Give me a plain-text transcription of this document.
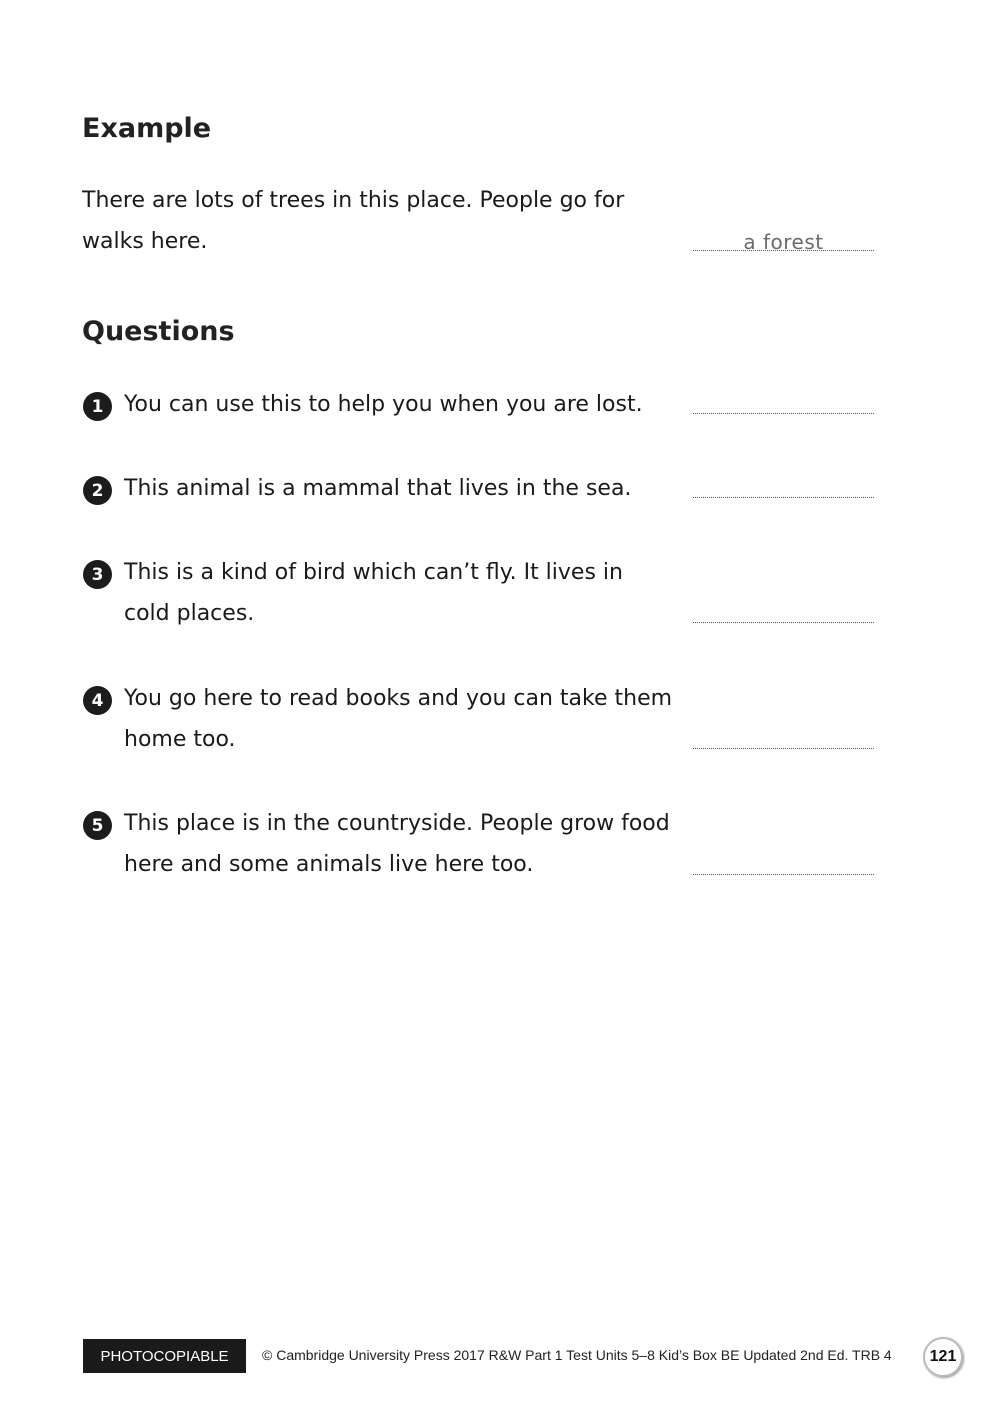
Example
There are lots of trees in this place. People go for
walks here.	a forest
Questions
1 You can use this to help you when you are lost.
2 This animal is a mammal that lives in the sea.
3 This is a kind of bird which can’t fly. It lives in
cold places.
4 You go here to read books and you can take them
home too.
5 This place is in the countryside. People grow food
here and some animals live here too.
PHOTOCOPIABLE	© Cambridge University Press 2017 R&W Part 1 Test Units 5–8 Kid’s Box BE Updated 2nd Ed. TRB 4	121
